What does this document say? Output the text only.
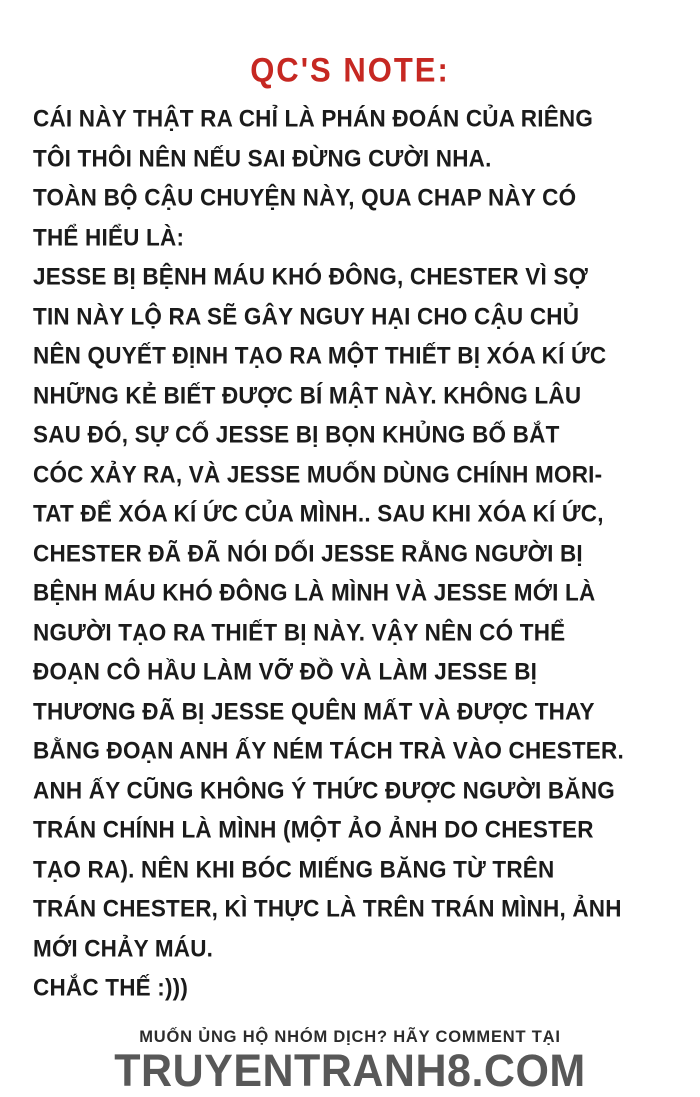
QC'S NOTE:
CÁI NÀY THẬT RA CHỈ LÀ PHÁN ĐOÁN CỦA RIÊNG
TÔI THÔI NÊN NẾU SAI ĐỪNG CƯỜI NHA.
TOÀN BỘ CẬU CHUYỆN NÀY, QUA CHAP NÀY CÓ
THỂ HIỂU LÀ:
JESSE BỊ BỆNH MÁU KHÓ ĐÔNG, CHESTER VÌ SỢ
TIN NÀY LỘ RA SẼ GÂY NGUY HẠI CHO CẬU CHỦ
NÊN QUYẾT ĐỊNH TẠO RA MỘT THIẾT BỊ XÓA KÍ ỨC
NHỮNG KẺ BIẾT ĐƯỢC BÍ MẬT NÀY. KHÔNG LÂU
SAU ĐÓ, SỰ CỐ JESSE BỊ BỌN KHỦNG BỐ BẮT
CÓC XẢY RA, VÀ JESSE MUỐN DÙNG CHÍNH MORI-
TAT ĐỂ XÓA KÍ ỨC CỦA MÌNH.. SAU KHI XÓA KÍ ỨC,
CHESTER ĐÃ ĐÃ NÓI DỐI JESSE RẰNG NGƯỜI BỊ
BỆNH MÁU KHÓ ĐÔNG LÀ MÌNH VÀ JESSE MỚI LÀ
NGƯỜI TẠO RA THIẾT BỊ NÀY. VẬY NÊN CÓ THỂ
ĐOẠN CÔ HẦU LÀM VỠ ĐỒ VÀ LÀM JESSE BỊ
THƯƠNG ĐÃ BỊ JESSE QUÊN MẤT VÀ ĐƯỢC THAY
BẰNG ĐOẠN ANH ẤY NÉM TÁCH TRÀ VÀO CHESTER.
ANH ẤY CŨNG KHÔNG Ý THỨC ĐƯỢC NGƯỜI BĂNG
TRÁN CHÍNH LÀ MÌNH (MỘT ẢO ẢNH DO CHESTER
TẠO RA). NÊN KHI BÓC MIẾNG BĂNG TỪ TRÊN
TRÁN CHESTER, KÌ THỰC LÀ TRÊN TRÁN MÌNH, ẢNH
MỚI CHẢY MÁU.
CHẮC THẾ :)))
MUỐN ỦNG HỘ NHÓM DỊCH? HÃY COMMENT TẠI
TRUYENTRANH8.COM
